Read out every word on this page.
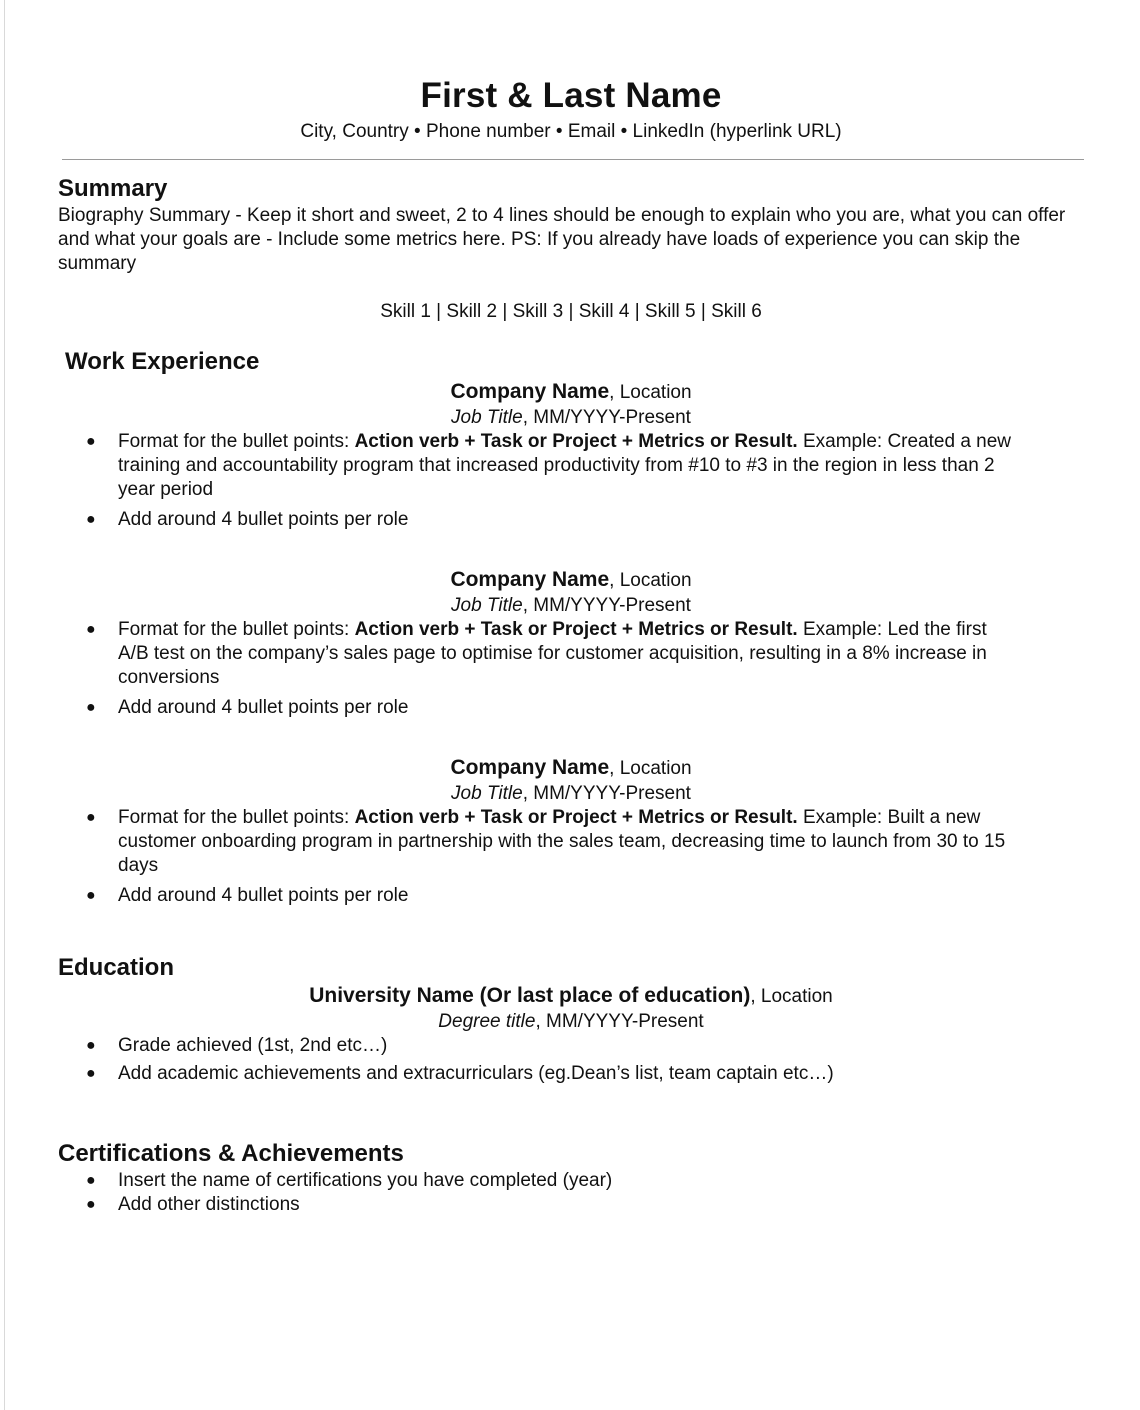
First & Last Name
City, Country • Phone number • Email • LinkedIn (hyperlink URL)
Summary
Biography Summary - Keep it short and sweet, 2 to 4 lines should be enough to explain who you are, what you can offer and what your goals are - Include some metrics here. PS: If you already have loads of experience you can skip the summary
Skill 1 | Skill 2 | Skill 3 | Skill 4 | Skill 5 | Skill 6
Work Experience
Company Name, Location
Job Title, MM/YYYY-Present
● Format for the bullet points: Action verb + Task or Project + Metrics or Result. Example: Created a new training and accountability program that increased productivity from #10 to #3 in the region in less than 2 year period
● Add around 4 bullet points per role
Company Name, Location
Job Title, MM/YYYY-Present
● Format for the bullet points: Action verb + Task or Project + Metrics or Result. Example: Led the first A/B test on the company’s sales page to optimise for customer acquisition, resulting in a 8% increase in conversions
● Add around 4 bullet points per role
Company Name, Location
Job Title, MM/YYYY-Present
● Format for the bullet points: Action verb + Task or Project + Metrics or Result. Example: Built a new customer onboarding program in partnership with the sales team, decreasing time to launch from 30 to 15 days
● Add around 4 bullet points per role
Education
University Name (Or last place of education), Location
Degree title, MM/YYYY-Present
● Grade achieved (1st, 2nd etc…)
● Add academic achievements and extracurriculars (eg.Dean’s list, team captain etc…)
Certifications & Achievements
● Insert the name of certifications you have completed (year)
● Add other distinctions
